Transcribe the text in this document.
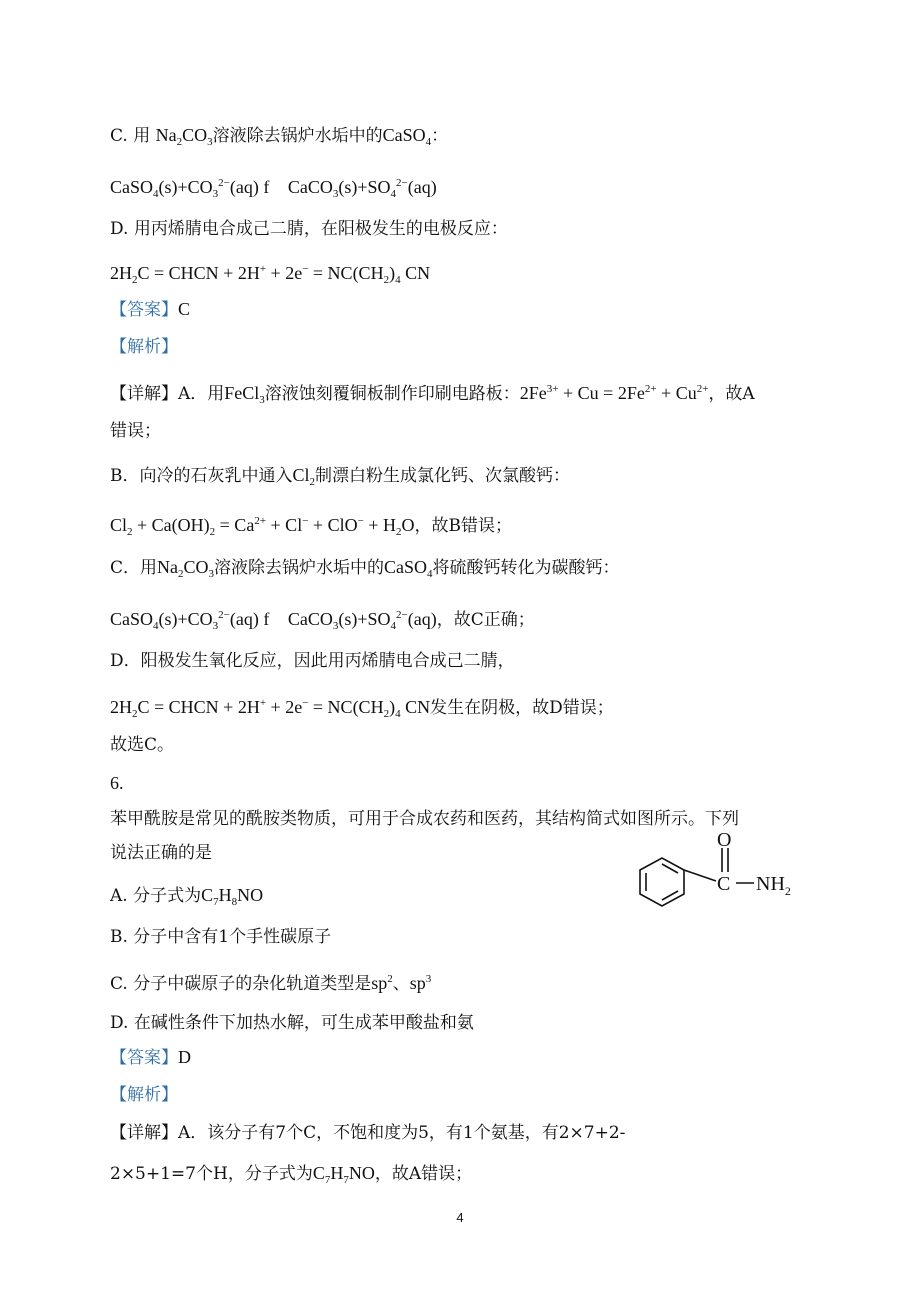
C. 用 $Na_2CO_3$溶液除去锅炉水垢中的CaSO$_4$：
$CaSO_4(s)+CO_3^{2-}(aq)$ f $CaCO_3(s)+SO_4^{2-}(aq)$
D. 用丙烯腈电合成己二腈，在阳极发生的电极反应：
$2H_2C$ = CHCN + $2H^+ + 2e^- = NC(CH_2)_4$ CN
【答案】C
【解析】
【详解】A．用FeCl$_3$溶液蚀刻覆铜板制作印刷电路板：$2Fe^{3+} + Cu = 2Fe^{2+} + Cu^{2+}$，故A
错误；
B．向冷的石灰乳中通入$Cl_2$制漂白粉生成氯化钙、次氯酸钙：
$Cl_2 + Ca(OH)_2 = Ca^{2+} + Cl^- + ClO^- + H_2O$，故B错误；
C．用$Na_2CO_3$溶液除去锅炉水垢中的CaSO$_4$将硫酸钙转化为碳酸钙：
$CaSO_4(s)+CO_3^{2-}(aq)$ f $CaCO_3(s)+SO_4^{2-}(aq)$，故C正确；
D．阳极发生氧化反应，因此用丙烯腈电合成己二腈，
$2H_2C$ = CHCN + $2H^+ + 2e^- = NC(CH_2)_4$ CN发生在阴极，故D错误；
故选C。
6.
苯甲酰胺是常见的酰胺类物质，可用于合成农药和医药，其结构简式如图所示。下列
说法正确的是
A. 分子式为$C_7H_8NO$
B. 分子中含有1个手性碳原子
C. 分子中碳原子的杂化轨道类型是$sp^2$、$sp^3$
D. 在碱性条件下加热水解，可生成苯甲酸盐和氨
【答案】D
【解析】
【详解】A．该分子有7个C，不饱和度为5，有1个氨基，有2×7+2-
2×5+1=7个H，分子式为$C_7H_7NO$，故A错误；
O
C $NH_2$
4
